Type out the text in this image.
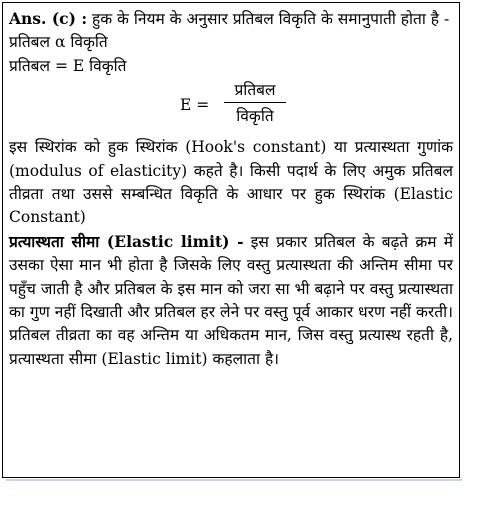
Ans. (c) : हुक के नियम के अनुसार प्रतिबल विकृति के समानुपाती होता है -

प्रतिबल α विकृति

प्रतिबल = E विकृति

E =
प्रतिबल
विकृति

इस स्थिरांक को हुक स्थिरांक (Hook's constant) या प्रत्यास्थता गुणांक (modulus of elasticity) कहते है। किसी पदार्थ के लिए अमुक प्रतिबल तीव्रता तथा उससे सम्बन्धित विकृति के आधार पर हुक स्थिरांक (Elastic Constant)

प्रत्यास्थता सीमा (Elastic limit) - इस प्रकार प्रतिबल के बढ़ते क्रम में उसका ऐसा मान भी होता है जिसके लिए वस्तु प्रत्यास्थता की अन्तिम सीमा पर पहुँच जाती है और प्रतिबल के इस मान को जरा सा भी बढ़ाने पर वस्तु प्रत्यास्थता का गुण नहीं दिखाती और प्रतिबल हर लेने पर वस्तु पूर्व आकार धरण नहीं करती। प्रतिबल तीव्रता का वह अन्तिम या अधिकतम मान, जिस वस्तु प्रत्यास्थ रहती है, प्रत्यास्थता सीमा (Elastic limit) कहलाता है।
